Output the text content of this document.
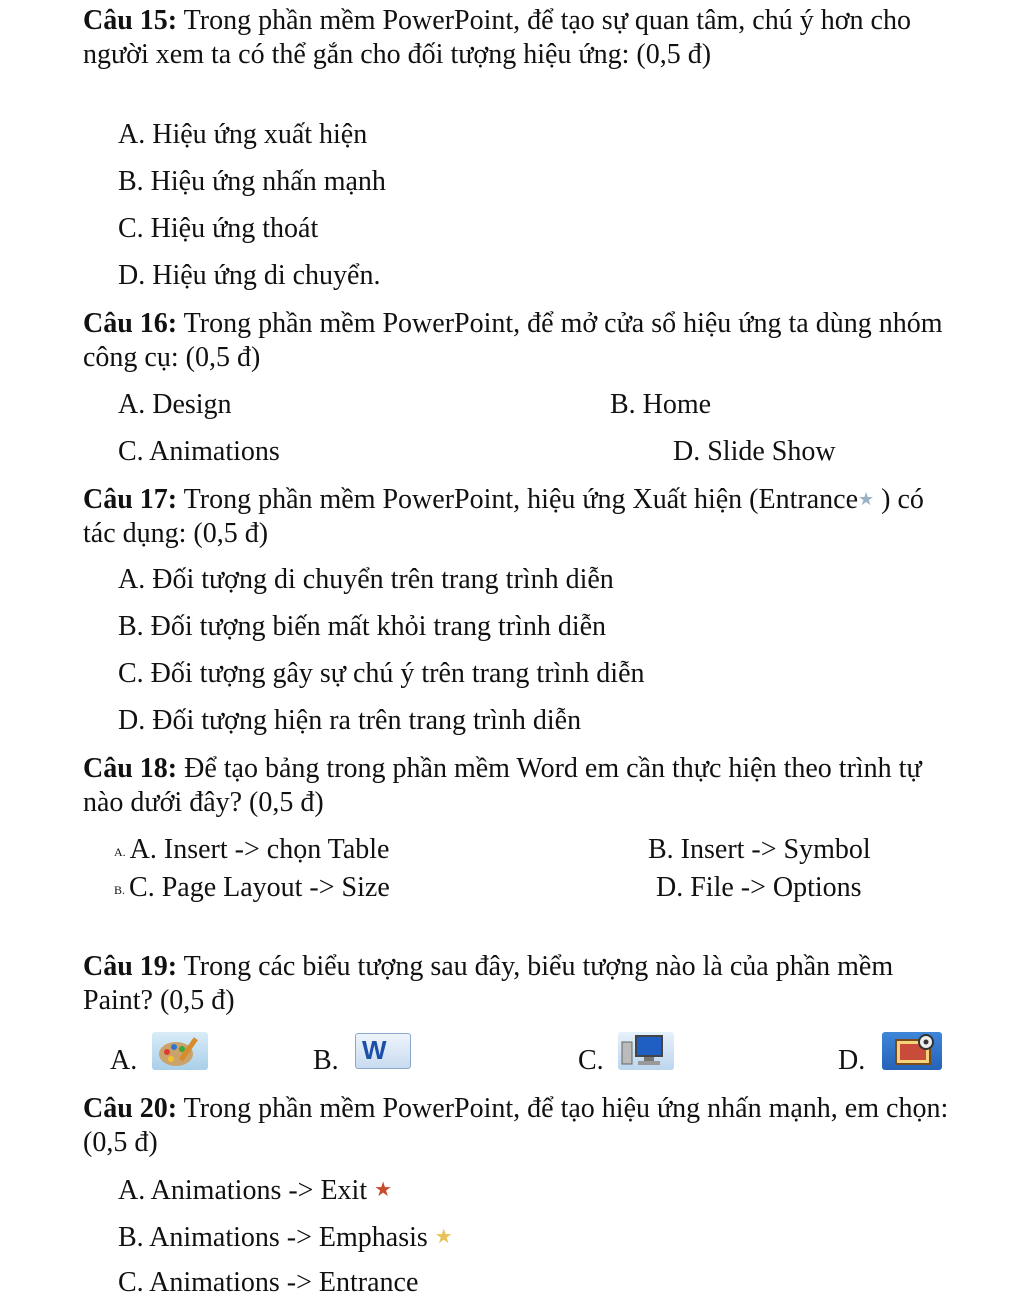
Câu 15: Trong phần mềm PowerPoint, để tạo sự quan tâm, chú ý hơn cho người xem ta có thể gắn cho đối tượng hiệu ứng: (0,5 đ)
A. Hiệu ứng xuất hiện
B. Hiệu ứng nhấn mạnh
C. Hiệu ứng thoát
D. Hiệu ứng di chuyển.
Câu 16: Trong phần mềm PowerPoint, để mở cửa sổ hiệu ứng ta dùng nhóm công cụ: (0,5 đ)
A. Design	B. Home
C. Animations	D. Slide Show
Câu 17: Trong phần mềm PowerPoint, hiệu ứng Xuất hiện (Entrance★ ) có tác dụng: (0,5 đ)
A. Đối tượng di chuyển trên trang trình diễn
B. Đối tượng biến mất khỏi trang trình diễn
C. Đối tượng gây sự chú ý trên trang trình diễn
D. Đối tượng hiện ra trên trang trình diễn
Câu 18: Để tạo bảng trong phần mềm Word em cần thực hiện theo trình tự nào dưới đây? (0,5 đ)
A. A. Insert -> chọn Table	B. Insert -> Symbol
B. C. Page Layout -> Size	D. File -> Options
Câu 19: Trong các biểu tượng sau đây, biểu tượng nào là của phần mềm Paint? (0,5 đ)
A.	B. W	C.	D.
Câu 20: Trong phần mềm PowerPoint, để tạo hiệu ứng nhấn mạnh, em chọn:(0,5 đ)
A. Animations -> Exit ★
B. Animations -> Emphasis ★
C. Animations -> Entrance
